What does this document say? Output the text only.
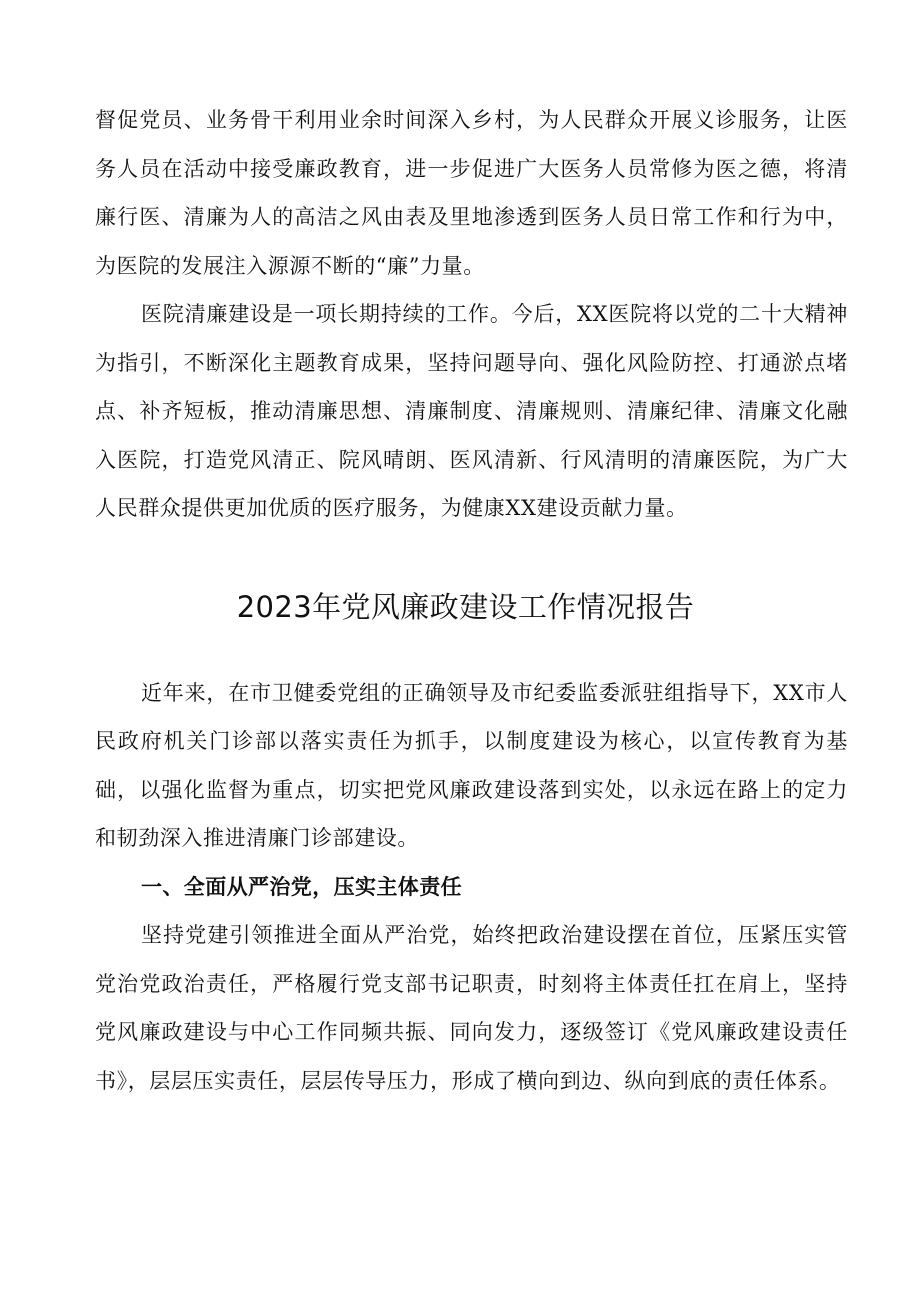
督促党员、业务骨干利用业余时间深入乡村，为人民群众开展义诊服务，让医务人员在活动中接受廉政教育，进一步促进广大医务人员常修为医之德，将清廉行医、清廉为人的高洁之风由表及里地渗透到医务人员日常工作和行为中，为医院的发展注入源源不断的“廉”力量。

医院清廉建设是一项长期持续的工作。今后，XX医院将以党的二十大精神为指引，不断深化主题教育成果，坚持问题导向、强化风险防控、打通淤点堵点、补齐短板，推动清廉思想、清廉制度、清廉规则、清廉纪律、清廉文化融入医院，打造党风清正、院风晴朗、医风清新、行风清明的清廉医院，为广大人民群众提供更加优质的医疗服务，为健康XX建设贡献力量。

2023年党风廉政建设工作情况报告

近年来，在市卫健委党组的正确领导及市纪委监委派驻组指导下，XX市人民政府机关门诊部以落实责任为抓手，以制度建设为核心，以宣传教育为基础，以强化监督为重点，切实把党风廉政建设落到实处，以永远在路上的定力和韧劲深入推进清廉门诊部建设。

一、全面从严治党，压实主体责任

坚持党建引领推进全面从严治党，始终把政治建设摆在首位，压紧压实管党治党政治责任，严格履行党支部书记职责，时刻将主体责任扛在肩上，坚持党风廉政建设与中心工作同频共振、同向发力，逐级签订《党风廉政建设责任书》，层层压实责任，层层传导压力，形成了横向到边、纵向到底的责任体系。
